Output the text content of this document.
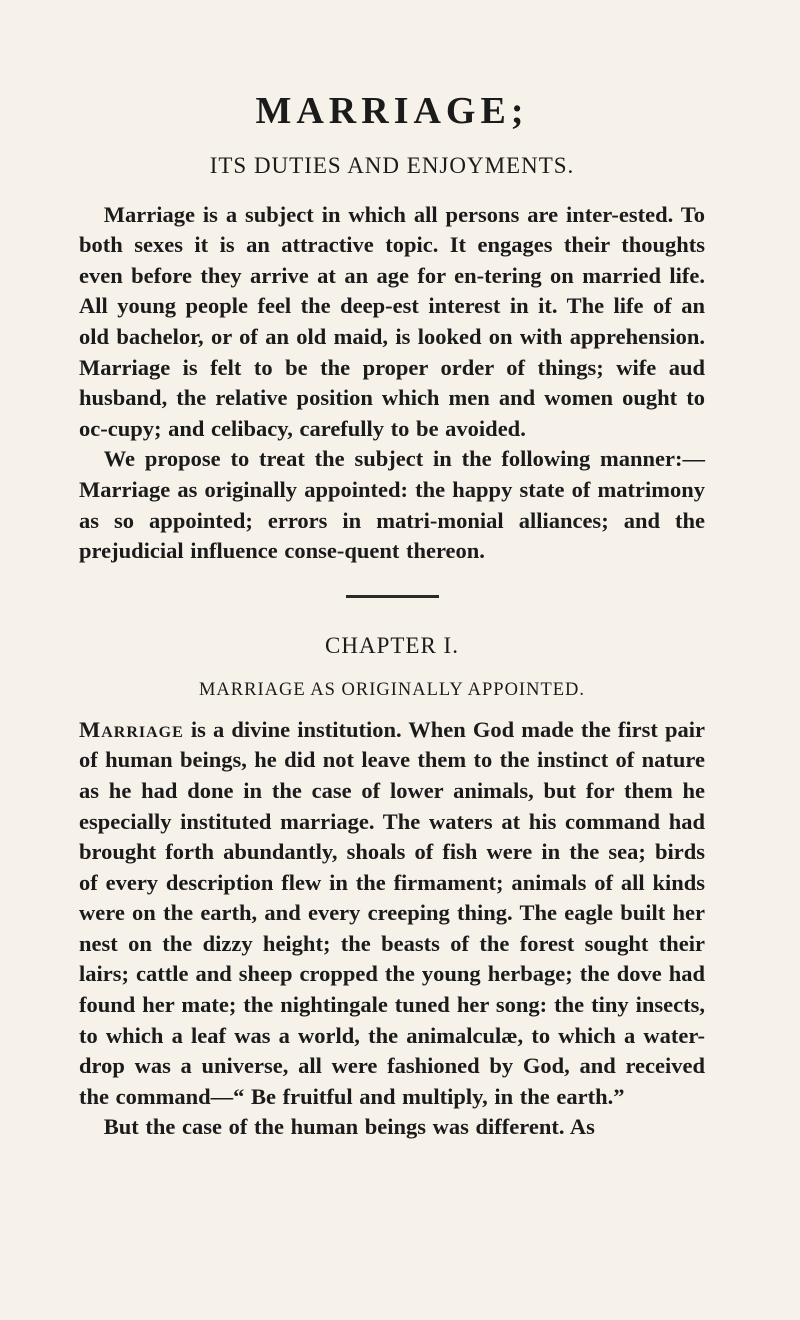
MARRIAGE;
ITS DUTIES AND ENJOYMENTS.

Marriage is a subject in which all persons are inter-ested. To both sexes it is an attractive topic. It engages their thoughts even before they arrive at an age for en-tering on married life. All young people feel the deep-est interest in it. The life of an old bachelor, or of an old maid, is looked on with apprehension. Marriage is felt to be the proper order of things; wife aud husband, the relative position which men and women ought to oc-cupy; and celibacy, carefully to be avoided.

We propose to treat the subject in the following manner:—Marriage as originally appointed: the happy state of matrimony as so appointed; errors in matri-monial alliances; and the prejudicial influence conse-quent thereon.

CHAPTER I.
MARRIAGE AS ORIGINALLY APPOINTED.

Marriage is a divine institution. When God made the first pair of human beings, he did not leave them to the instinct of nature as he had done in the case of lower animals, but for them he especially instituted marriage. The waters at his command had brought forth abundantly, shoals of fish were in the sea; birds of every description flew in the firmament; animals of all kinds were on the earth, and every creeping thing. The eagle built her nest on the dizzy height; the beasts of the forest sought their lairs; cattle and sheep cropped the young herbage; the dove had found her mate; the nightingale tuned her song: the tiny insects, to which a leaf was a world, the animalculæ, to which a water-drop was a universe, all were fashioned by God, and received the command—“ Be fruitful and multiply, in the earth.”

But the case of the human beings was different. As
